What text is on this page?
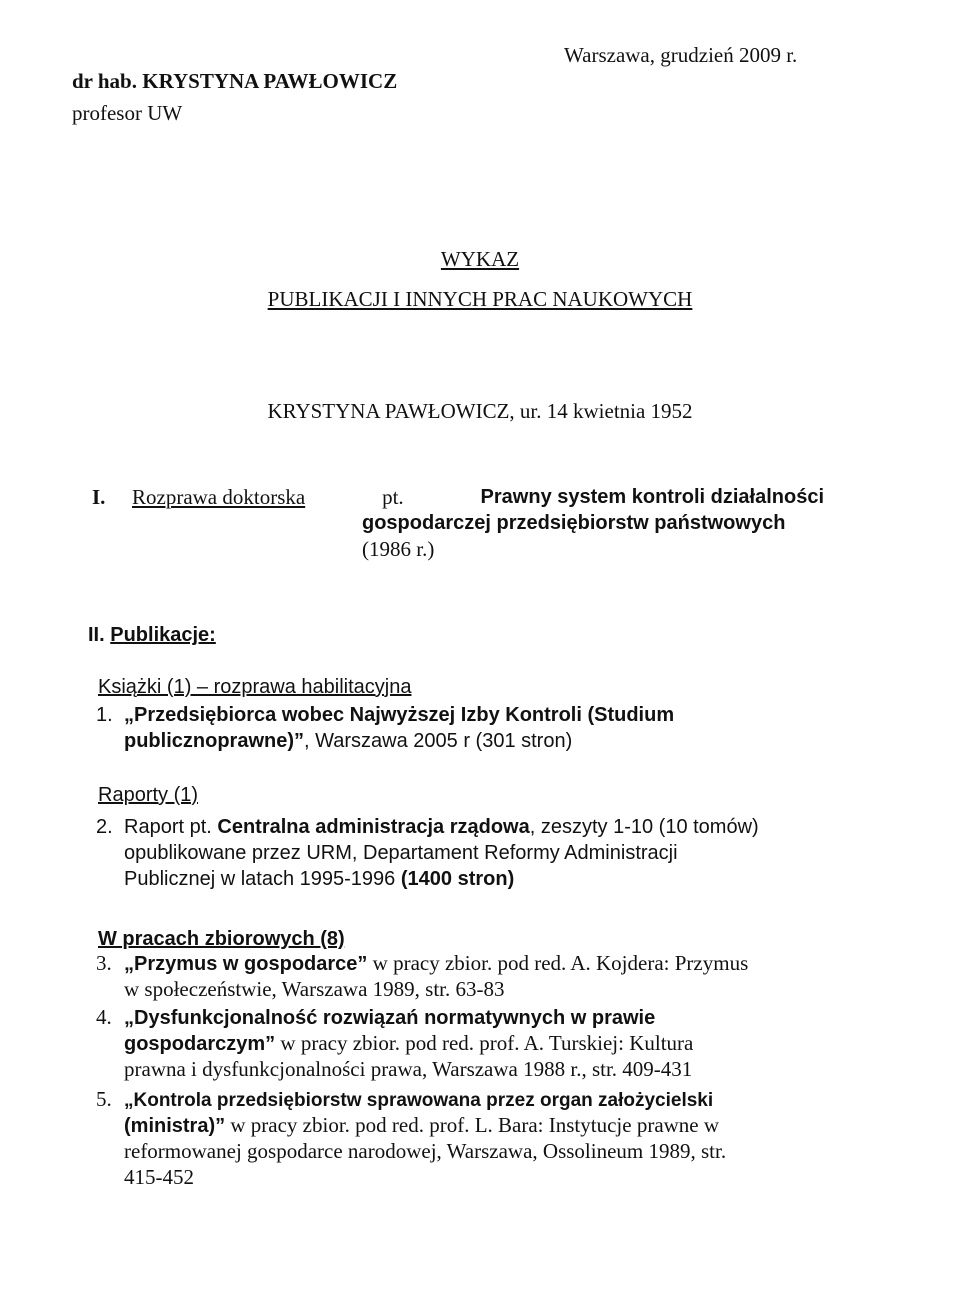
dr hab. KRYSTYNA PAWŁOWICZ
profesor UW
Warszawa, grudzień 2009 r.
WYKAZ
PUBLIKACJI I INNYCH PRAC NAUKOWYCH
KRYSTYNA PAWŁOWICZ, ur. 14 kwietnia 1952
I. Rozprawa doktorska	pt.	Prawny system kontroli działalności
gospodarczej przedsiębiorstw państwowych
(1986 r.)
II. Publikacje:
Książki (1) – rozprawa habilitacyjna
1. „Przedsiębiorca wobec Najwyższej Izby Kontroli (Studium
publicznoprawne)”, Warszawa 2005 r (301 stron)
Raporty (1)
2. Raport pt. Centralna administracja rządowa, zeszyty 1-10 (10 tomów)
opublikowane przez URM, Departament Reformy Administracji
Publicznej w latach 1995-1996 (1400 stron)
W pracach zbiorowych (8)
3. „Przymus w gospodarce” w pracy zbior. pod red. A. Kojdera: Przymus
w społeczeństwie, Warszawa 1989, str. 63-83
4. „Dysfunkcjonalność rozwiązań normatywnych w prawie
gospodarczym” w pracy zbior. pod red. prof. A. Turskiej: Kultura
prawna i dysfunkcjonalności prawa, Warszawa 1988 r., str. 409-431
5. „Kontrola przedsiębiorstw sprawowana przez organ założycielski
(ministra)” w pracy zbior. pod red. prof. L. Bara: Instytucje prawne w
reformowanej gospodarce narodowej, Warszawa, Ossolineum 1989, str.
415-452
